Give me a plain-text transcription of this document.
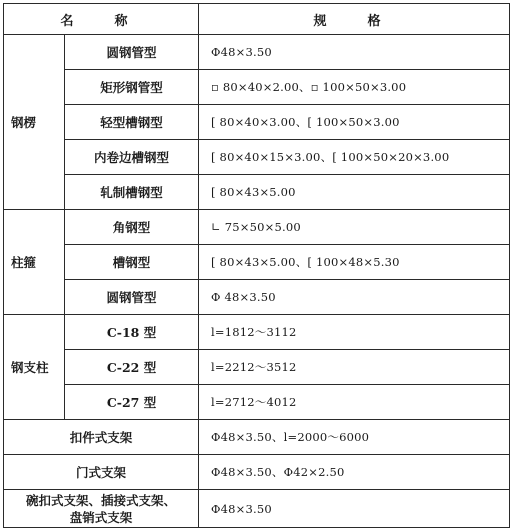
名　称		规　格
钢楞	圆钢管型	Φ48×3.50
	矩形钢管型	▫ 80×40×2.00、▫ 100×50×3.00
	轻型槽钢型	[ 80×40×3.00、[ 100×50×3.00
	内卷边槽钢型	[ 80×40×15×3.00、[ 100×50×20×3.00
	轧制槽钢型	[ 80×43×5.00
柱箍	角钢型	∟ 75×50×5.00
	槽钢型	[ 80×43×5.00、[ 100×48×5.30
	圆钢管型	Φ 48×3.50
钢支柱	C-18 型	l=1812～3112
	C-22 型	l=2212～3512
	C-27 型	l=2712～4012
扣件式支架		Φ48×3.50、l=2000～6000
门式支架		Φ48×3.50、Φ42×2.50

碗扣式支架、插接式支架、
盘销式支架		Φ48×3.50
